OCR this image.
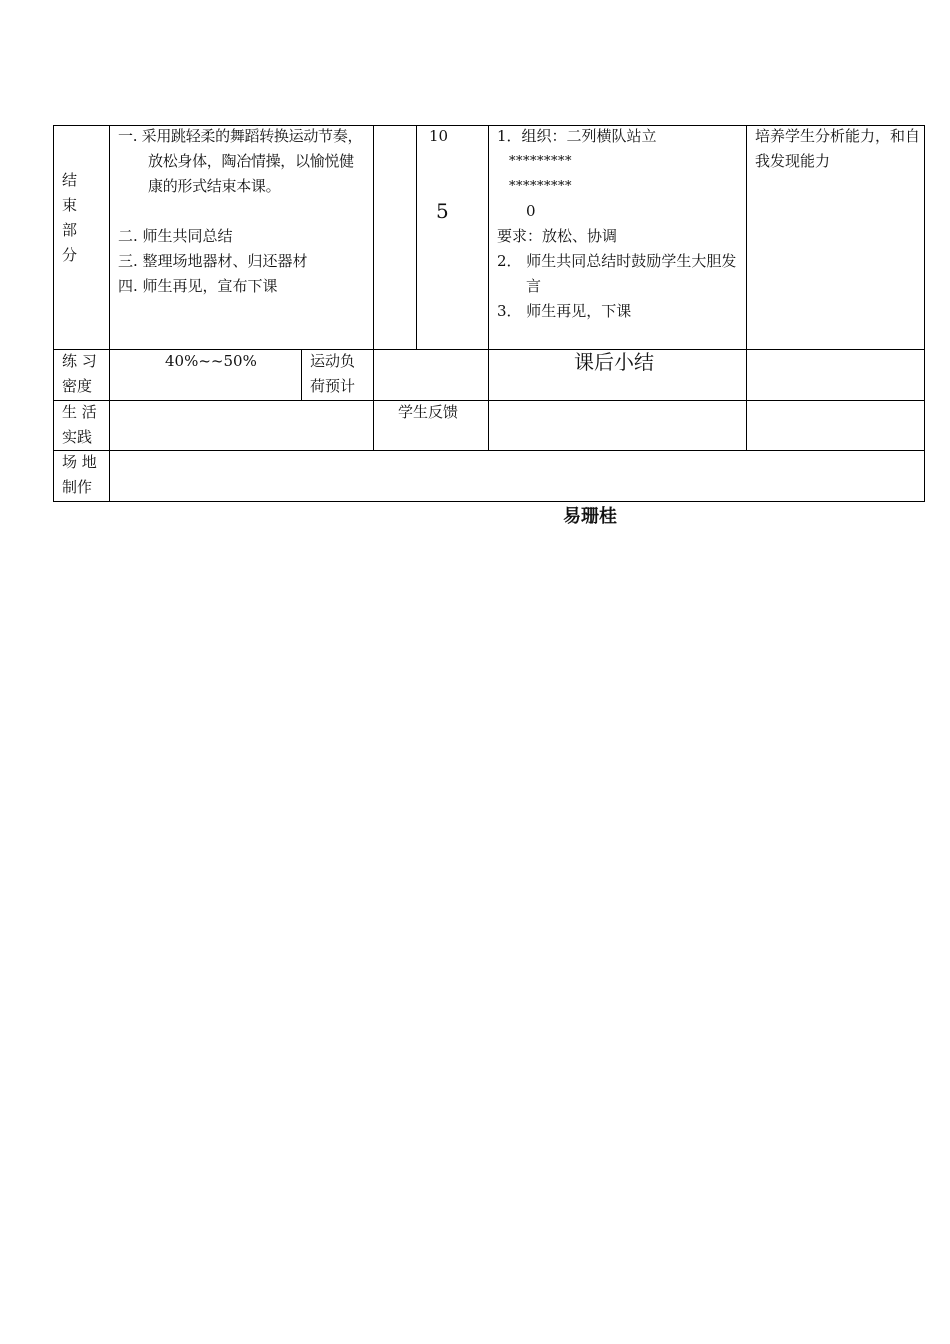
结
束
部
分
一. 采用跳轻柔的舞蹈转换运动节奏，放松身体，陶冶情操，以愉悦健康的形式结束本课。
二. 师生共同总结
三. 整理场地器材、归还器材
四. 师生再见，宣布下课
10
5
1．组织：二列横队站立
*********
*********
0
要求：放松、协调
2． 师生共同总结时鼓励学生大胆发言
3． 师生再见，下课
培养学生分析能力，和自我发现能力
练 习 密度
40%~~50%	运动负荷预计
课后小结
生 活 实践
学生反馈
场 地 制作
易珊桂
